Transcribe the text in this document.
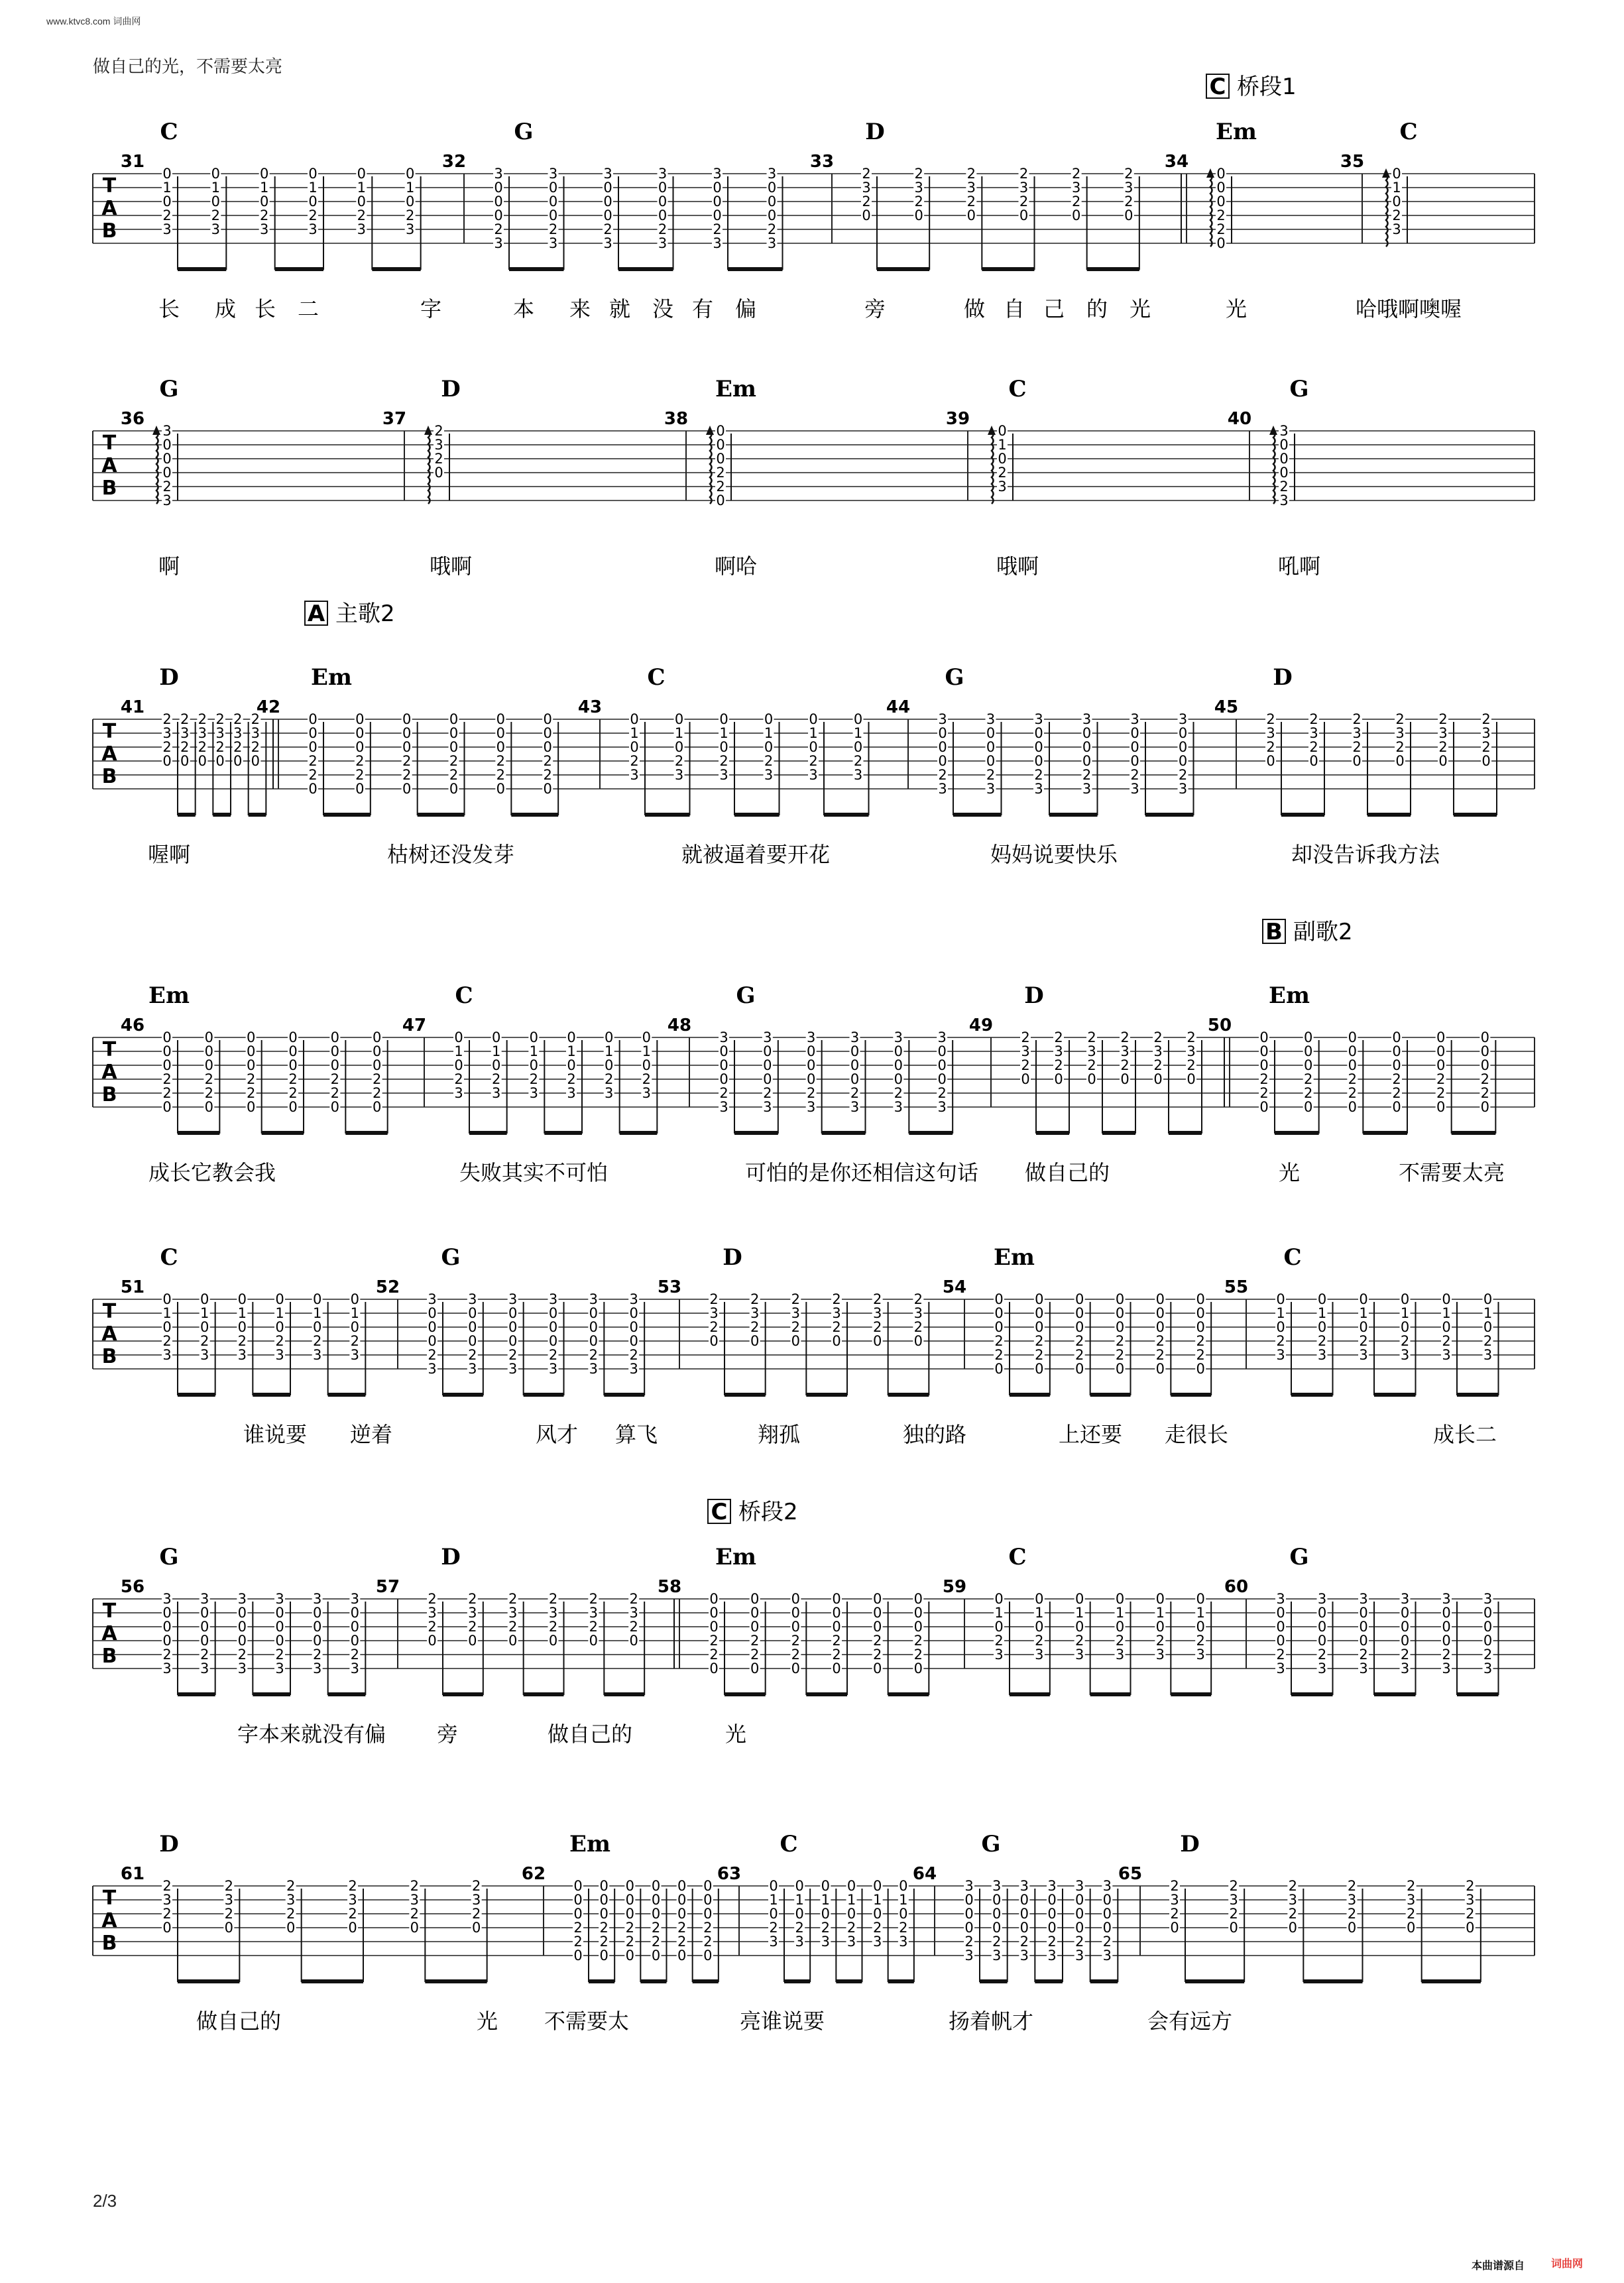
www.ktvc8.com 词曲网
做自己的光，不需要太亮
2/3
本曲谱源自 词曲网
C 桥段1
A 主歌2
B 副歌2
C 桥段2
T
A
B
31
C
0
1
0
2
3
0
1
0
2
3
0
1
0
2
3
0
1
0
2
3
0
1
0
2
3
0
1
0
2
3
32
G
3
0
0
0
2
3
3
0
0
0
2
3
3
0
0
0
2
3
3
0
0
0
2
3
3
0
0
0
2
3
3
0
0
0
2
3
33
D
2
3
2
0
2
3
2
0
2
3
2
0
2
3
2
0
2
3
2
0
2
3
2
0
34
Em
0
0
0
2
2
0
35
C
0
1
0
2
3
长 成 长 二	字	本 来 就 没 有 偏	旁	做 自 己 的 光	光	哈哦啊噢喔
T
A
B
36
G
3
0
0
0
2
3
37
D
2
3
2
0
38
Em
0
0
0
2
2
0
39
C
0
1
0
2
3
40
G
3
0
0
0
2
3
啊	哦啊	啊哈	哦啊	吼啊
T
A
B
41
D
2
3
2
0
2
3
2
0
2
3
2
0
2
3
2
0
2
3
2
0
2
3
2
0
42
Em
0
0
0
2
2
0
0
0
0
2
2
0
0
0
0
2
2
0
0
0
0
2
2
0
0
0
0
2
2
0
0
0
0
2
2
0
43
C
0
1
0
2
3
0
1
0
2
3
0
1
0
2
3
0
1
0
2
3
0
1
0
2
3
0
1
0
2
3
44
G
3
0
0
0
2
3
3
0
0
0
2
3
3
0
0
0
2
3
3
0
0
0
2
3
3
0
0
0
2
3
3
0
0
0
2
3
45
D
2
3
2
0
2
3
2
0
2
3
2
0
2
3
2
0
2
3
2
0
2
3
2
0
喔啊	枯树还没发芽	就被逼着要开花	妈妈说要快乐	却没告诉我方法
T
A
B
46
Em
0
0
0
2
2
0
0
0
0
2
2
0
0
0
0
2
2
0
0
0
0
2
2
0
0
0
0
2
2
0
0
0
0
2
2
0
47
C
0
1
0
2
3
0
1
0
2
3
0
1
0
2
3
0
1
0
2
3
0
1
0
2
3
0
1
0
2
3
48
G
3
0
0
0
2
3
3
0
0
0
2
3
3
0
0
0
2
3
3
0
0
0
2
3
3
0
0
0
2
3
3
0
0
0
2
3
49
D
2
3
2
0
2
3
2
0
2
3
2
0
2
3
2
0
2
3
2
0
2
3
2
0
50
Em
0
0
0
2
2
0
0
0
0
2
2
0
0
0
0
2
2
0
0
0
0
2
2
0
0
0
0
2
2
0
0
0
0
2
2
0
成长它教会我	失败其实不可怕	可怕的是你还相信这句话 做自己的	光	不需要太亮
T
A
B
51
C
0
1
0
2
3
0
1
0
2
3
0
1
0
2
3
0
1
0
2
3
0
1
0
2
3
0
1
0
2
3
52
G
3
0
0
0
2
3
3
0
0
0
2
3
3
0
0
0
2
3
3
0
0
0
2
3
3
0
0
0
2
3
3
0
0
0
2
3
53
D
2
3
2
0
2
3
2
0
2
3
2
0
2
3
2
0
2
3
2
0
2
3
2
0
54
Em
0
0
0
2
2
0
0
0
0
2
2
0
0
0
0
2
2
0
0
0
0
2
2
0
0
0
0
2
2
0
0
0
0
2
2
0
55
C
0
1
0
2
3
0
1
0
2
3
0
1
0
2
3
0
1
0
2
3
0
1
0
2
3
0
1
0
2
3
谁说要 逆着	风才 算飞	翔孤	独的路	上还要 走很长	成长二
T
A
B
56
G
3
0
0
0
2
3
3
0
0
0
2
3
3
0
0
0
2
3
3
0
0
0
2
3
3
0
0
0
2
3
3
0
0
0
2
3
57
D
2
3
2
0
2
3
2
0
2
3
2
0
2
3
2
0
2
3
2
0
2
3
2
0
58
Em
0
0
0
2
2
0
0
0
0
2
2
0
0
0
0
2
2
0
0
0
0
2
2
0
0
0
0
2
2
0
0
0
0
2
2
0
59
C
0
1
0
2
3
0
1
0
2
3
0
1
0
2
3
0
1
0
2
3
0
1
0
2
3
0
1
0
2
3
60
G
3
0
0
0
2
3
3
0
0
0
2
3
3
0
0
0
2
3
3
0
0
0
2
3
3
0
0
0
2
3
3
0
0
0
2
3
字本来就没有偏 旁	做自己的	光
T
A
B
61
D
2
3
2
0
2
3
2
0
2
3
2
0
2
3
2
0
2
3
2
0
2
3
2
0
62
Em
0
0
0
2
2
0
0
0
0
2
2
0
0
0
0
2
2
0
0
0
0
2
2
0
0
0
0
2
2
0
0
0
0
2
2
0
63
C
0
1
0
2
3
0
1
0
2
3
0
1
0
2
3
0
1
0
2
3
0
1
0
2
3
0
1
0
2
3
64
G
3
0
0
0
2
3
3
0
0
0
2
3
3
0
0
0
2
3
3
0
0
0
2
3
3
0
0
0
2
3
3
0
0
0
2
3
65
D
2
3
2
0
2
3
2
0
2
3
2
0
2
3
2
0
2
3
2
0
2
3
2
0
做自己的	光 不需要太	亮谁说要	扬着帆才	会有远方
